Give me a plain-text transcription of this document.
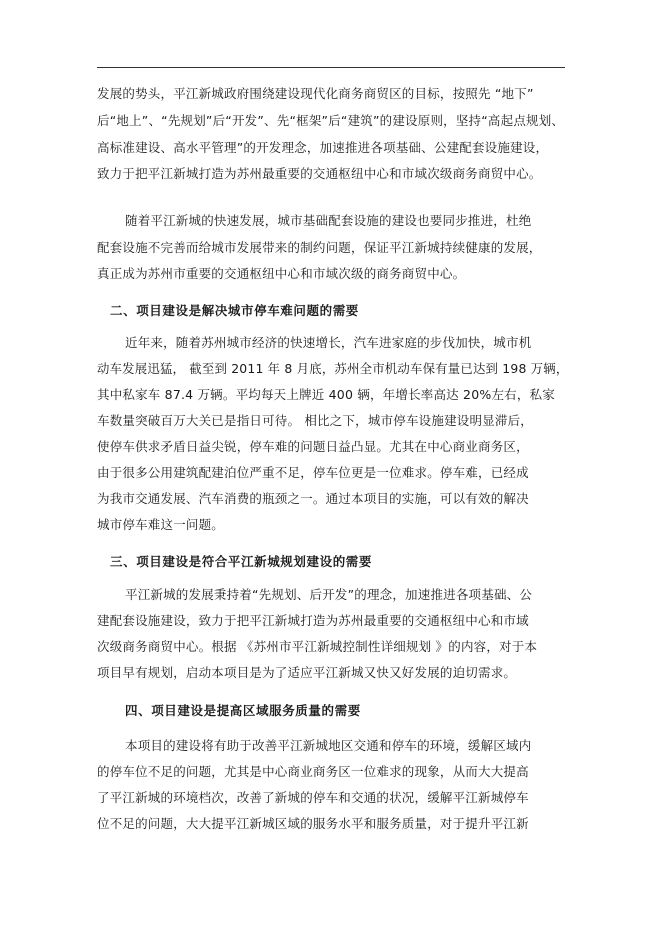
发展的势头，平江新城政府围绕建设现代化商务商贸区的目标，按照先 “地下”
后“地上”、“先规划”后“开发”、先“框架”后“建筑”的建设原则，坚持“高起点规划、
高标准建设、高水平管理”的开发理念，加速推进各项基础、公建配套设施建设，
致力于把平江新城打造为苏州最重要的交通枢纽中心和市域次级商务商贸中心。
随着平江新城的快速发展，城市基础配套设施的建设也要同步推进，杜绝
配套设施不完善而给城市发展带来的制约问题，保证平江新城持续健康的发展，
真正成为苏州市重要的交通枢纽中心和市域次级的商务商贸中心。
二、项目建设是解决城市停车难问题的需要
近年来，随着苏州城市经济的快速增长，汽车进家庭的步伐加快，城市机
动车发展迅猛， 截至到 2011 年 8 月底，苏州全市机动车保有量已达到 198 万辆，
其中私家车 87.4 万辆。平均每天上牌近 400 辆，年增长率高达 20%左右，私家
车数量突破百万大关已是指日可待。 相比之下，城市停车设施建设明显滞后，
使停车供求矛盾日益尖锐，停车难的问题日益凸显。尤其在中心商业商务区，
由于很多公用建筑配建泊位严重不足，停车位更是一位难求。停车难，已经成
为我市交通发展、汽车消费的瓶颈之一。通过本项目的实施，可以有效的解决
城市停车难这一问题。
三、项目建设是符合平江新城规划建设的需要
平江新城的发展秉持着“先规划、后开发”的理念，加速推进各项基础、公
建配套设施建设，致力于把平江新城打造为苏州最重要的交通枢纽中心和市域
次级商务商贸中心。根据 《苏州市平江新城控制性详细规划 》的内容，对于本
项目早有规划，启动本项目是为了适应平江新城又快又好发展的迫切需求。
四、项目建设是提高区域服务质量的需要
本项目的建设将有助于改善平江新城地区交通和停车的环境，缓解区域内
的停车位不足的问题，尤其是中心商业商务区一位难求的现象，从而大大提高
了平江新城的环境档次，改善了新城的停车和交通的状况，缓解平江新城停车
位不足的问题，大大提平江新城区域的服务水平和服务质量，对于提升平江新
